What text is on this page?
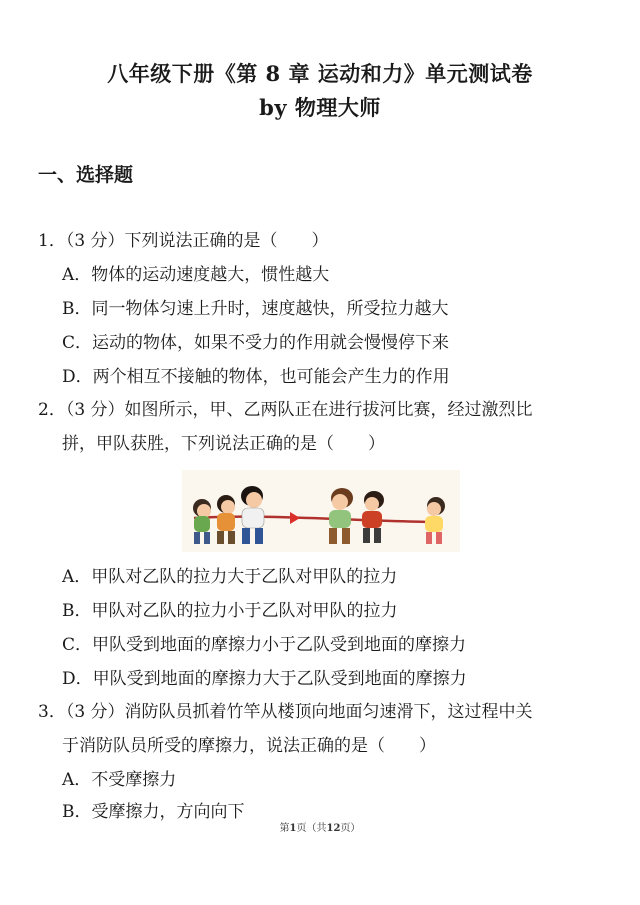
八年级下册《第 8 章 运动和力》单元测试卷
by 物理大师
一、选择题
1．（3 分）下列说法正确的是（　　）
A．物体的运动速度越大，惯性越大
B．同一物体匀速上升时，速度越快，所受拉力越大
C．运动的物体，如果不受力的作用就会慢慢停下来
D．两个相互不接触的物体，也可能会产生力的作用
2．（3 分）如图所示，甲、乙两队正在进行拔河比赛，经过激烈比
拼，甲队获胜，下列说法正确的是（　　）
A．甲队对乙队的拉力大于乙队对甲队的拉力
B．甲队对乙队的拉力小于乙队对甲队的拉力
C．甲队受到地面的摩擦力小于乙队受到地面的摩擦力
D．甲队受到地面的摩擦力大于乙队受到地面的摩擦力
3．（3 分）消防队员抓着竹竿从楼顶向地面匀速滑下，这过程中关
于消防队员所受的摩擦力，说法正确的是（　　）
A．不受摩擦力
B．受摩擦力，方向向下
第1页（共12页）
